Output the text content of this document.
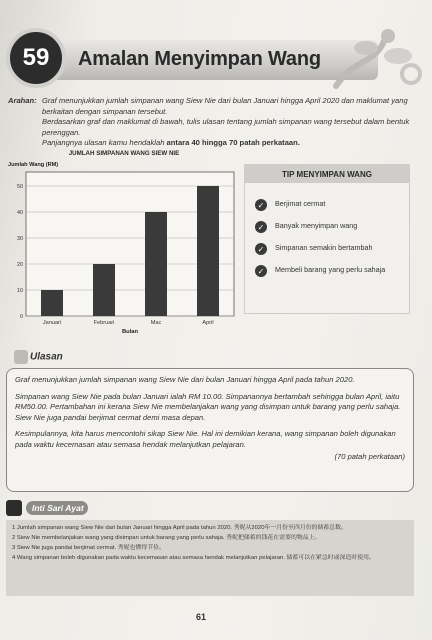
59	Amalan Menyimpan Wang
Arahan: Graf menunjukkan jumlah simpanan wang Siew Nie dari bulan Januari hingga April 2020 dan maklumat yang berkaitan dengan simpanan tersebut.
Berdasarkan graf dan maklumat di bawah, tulis ulasan tentang jumlah simpanan wang tersebut dalam bentuk perenggan.
Panjangnya ulasan kamu hendaklah antara 40 hingga 70 patah perkataan.
JUMLAH SIMPANAN WANG SIEW NIE
Jumlah Wang (RM)
0
10
20
30
40
50
Januari	Februari	Mac	April
Bulan
TIP MENYIMPAN WANG
✓	Berjimat cermat
✓	Banyak menyimpan wang
✓	Simpanan semakin bertambah
✓	Membeli barang yang perlu sahaja
Ulasan

Graf menunjukkan jumlah simpanan wang Siew Nie dari bulan Januari hingga April pada tahun 2020.

Simpanan wang Siew Nie pada bulan Januari ialah RM 10.00. Simpanannya bertambah sehingga bulan April, iaitu RM50.00. Pertambahan ini kerana Siew Nie membelanjakan wang yang disimpan untuk barang yang perlu sahaja. Siew Nie juga pandai berjimat cermat demi masa depan.

Kesimpulannya, kita harus mencontohi sikap Siew Nie. Hal ini demikian kerana, wang simpanan boleh digunakan pada waktu kecemasan atau semasa hendak melanjutkan pelajaran.

(70 patah perkataan)
Inti Sari Ayat
1 Jumlah simpanan wang Siew Nie dari bulan Januari hingga April pada tahun 2020. 秀妮从2020年一月份至四月份的储蓄总数。
2 Siew Nie membelanjakan wang yang disimpan untuk barang yang perlu sahaja. 秀妮把储蓄的钱花在需要的物品上。
3 Siew Nie juga pandai berjimat cermat. 秀妮也懂得节俭。
4 Wang simpanan boleh digunakan pada waktu kecemasan atau semasa hendak melanjutkan pelajaran. 储蓄可以在紧急时或深造时使用。
61
